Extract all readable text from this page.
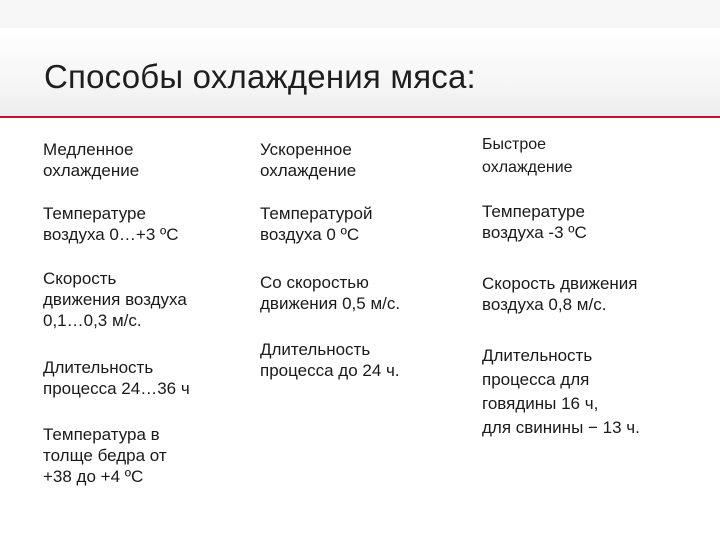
Способы охлаждения мяса:

Медленное
охлаждение

Температуре
воздуха 0…+3 ºС

Скорость
движения воздуха
0,1…0,3 м/с.

Длительность
процесса 24…36 ч

Температура в
толще бедра от
+38 до +4 ºС

Ускоренное
охлаждение

Температурой
воздуха 0 ºС

Со скоростью
движения 0,5 м/с.

Длительность
процесса до 24 ч.

Быстрое
охлаждение

Температуре
воздуха -3 ºС

Скорость движения
воздуха 0,8 м/с.

Длительность
процесса для
говядины 16 ч,
для свинины − 13 ч.
